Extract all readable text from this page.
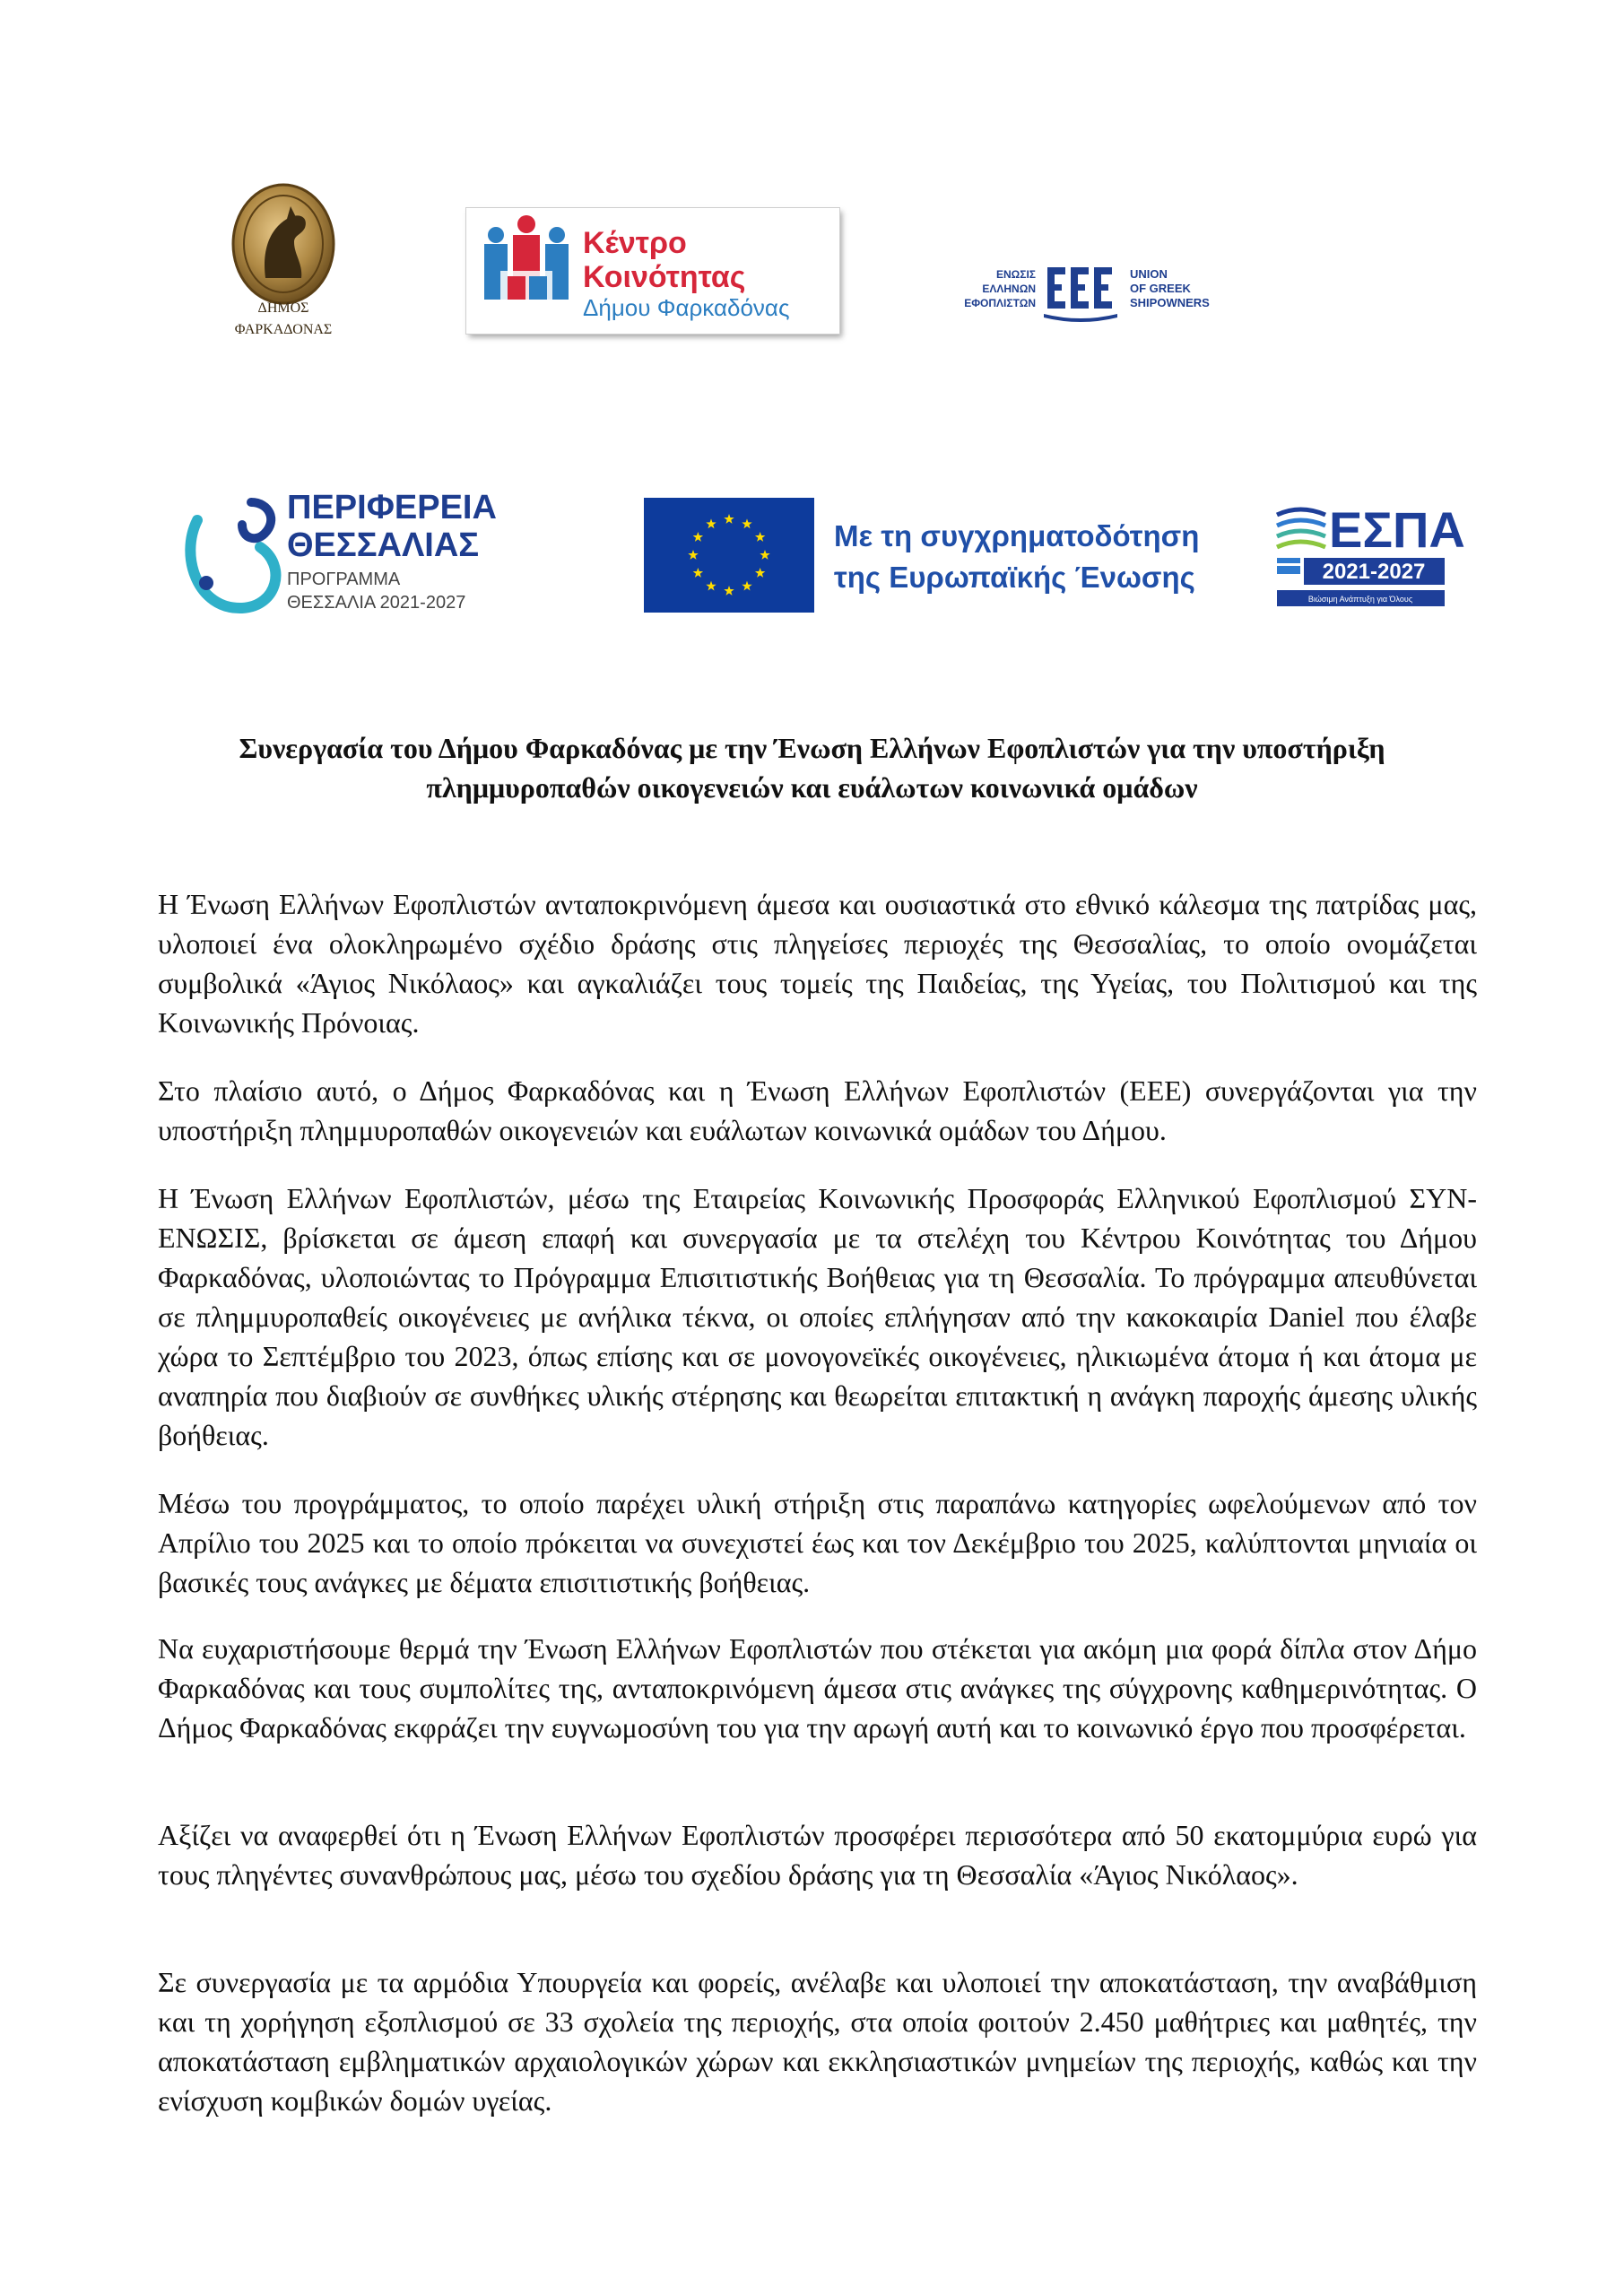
ΔΗΜΟΣ
ΦΑΡΚΑΔΟΝΑΣ
Κέντρο
Κοινότητας
Δήμου Φαρκαδόνας
ΕΝΩΣΙΣ
ΕΛΛΗΝΩΝ
ΕΦΟΠΛΙΣΤΩΝ
UNION
OF GREEK
SHIPOWNERS
ΠΕΡΙΦΕΡΕΙΑ
ΘΕΣΣΑΛΙΑΣ
ΠΡΟΓΡΑΜΜΑ
ΘΕΣΣΑΛΙΑ 2021-2027
Με τη συγχρηματοδότηση
της Ευρωπαϊκής Ένωσης
ΕΣΠΑ
2021-2027
Βιώσιμη Ανάπτυξη για Όλους
Συνεργασία του Δήμου Φαρκαδόνας με την Ένωση Ελλήνων Εφοπλιστών για την υποστήριξη
πλημμυροπαθών οικογενειών και ευάλωτων κοινωνικά ομάδων

Η Ένωση Ελλήνων Εφοπλιστών ανταποκρινόμενη άμεσα και ουσιαστικά στο εθνικό κάλεσμα της πατρίδας μας, υλοποιεί ένα ολοκληρωμένο σχέδιο δράσης στις πληγείσες περιοχές της Θεσσαλίας, το οποίο ονομάζεται συμβολικά «Άγιος Νικόλαος» και αγκαλιάζει τους τομείς της Παιδείας, της Υγείας, του Πολιτισμού και της Κοινωνικής Πρόνοιας.

Στο πλαίσιο αυτό, ο Δήμος Φαρκαδόνας και η Ένωση Ελλήνων Εφοπλιστών (ΕΕΕ) συνεργάζονται για την υποστήριξη πλημμυροπαθών οικογενειών και ευάλωτων κοινωνικά ομάδων του Δήμου.

Η Ένωση Ελλήνων Εφοπλιστών, μέσω της Εταιρείας Κοινωνικής Προσφοράς Ελληνικού Εφοπλισμού ΣΥΝ-ΕΝΩΣΙΣ, βρίσκεται σε άμεση επαφή και συνεργασία με τα στελέχη του Κέντρου Κοινότητας του Δήμου Φαρκαδόνας, υλοποιώντας το Πρόγραμμα Επισιτιστικής Βοήθειας για τη Θεσσαλία. Το πρόγραμμα απευθύνεται σε πλημμυροπαθείς οικογένειες με ανήλικα τέκνα, οι οποίες επλήγησαν από την κακοκαιρία Daniel που έλαβε χώρα το Σεπτέμβριο του 2023, όπως επίσης και σε μονογονεϊκές οικογένειες, ηλικιωμένα άτομα ή και άτομα με αναπηρία που διαβιούν σε συνθήκες υλικής στέρησης και θεωρείται επιτακτική η ανάγκη παροχής άμεσης υλικής βοήθειας.

Μέσω του προγράμματος, το οποίο παρέχει υλική στήριξη στις παραπάνω κατηγορίες ωφελούμενων από τον Απρίλιο του 2025 και το οποίο πρόκειται να συνεχιστεί έως και τον Δεκέμβριο του 2025, καλύπτονται μηνιαία οι βασικές τους ανάγκες με δέματα επισιτιστικής βοήθειας.

Να ευχαριστήσουμε θερμά την Ένωση Ελλήνων Εφοπλιστών που στέκεται για ακόμη μια φορά δίπλα στον Δήμο Φαρκαδόνας και τους συμπολίτες της, ανταποκρινόμενη άμεσα στις ανάγκες της σύγχρονης καθημερινότητας. Ο Δήμος Φαρκαδόνας εκφράζει την ευγνωμοσύνη του για την αρωγή αυτή και το κοινωνικό έργο που προσφέρεται.

Αξίζει να αναφερθεί ότι η Ένωση Ελλήνων Εφοπλιστών προσφέρει περισσότερα από 50 εκατομμύρια ευρώ για τους πληγέντες συνανθρώπους μας, μέσω του σχεδίου δράσης για τη Θεσσαλία «Άγιος Νικόλαος».

Σε συνεργασία με τα αρμόδια Υπουργεία και φορείς, ανέλαβε και υλοποιεί την αποκατάσταση, την αναβάθμιση και τη χορήγηση εξοπλισμού σε 33 σχολεία της περιοχής, στα οποία φοιτούν 2.450 μαθήτριες και μαθητές, την αποκατάσταση εμβληματικών αρχαιολογικών χώρων και εκκλησιαστικών μνημείων της περιοχής, καθώς και την ενίσχυση κομβικών δομών υγείας.
